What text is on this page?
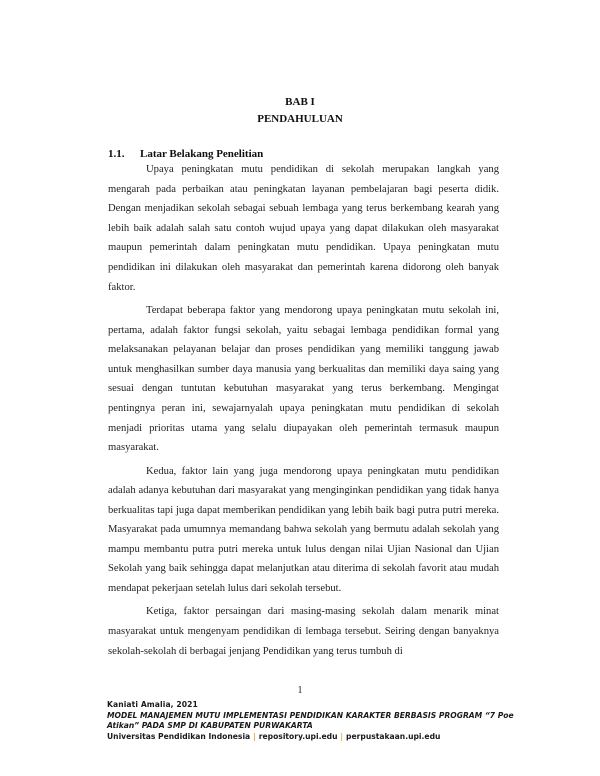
BAB I
PENDAHULUAN
1.1. Latar Belakang Penelitian

Upaya peningkatan mutu pendidikan di sekolah merupakan langkah yang mengarah pada perbaikan atau peningkatan layanan pembelajaran bagi peserta didik. Dengan menjadikan sekolah sebagai sebuah lembaga yang terus berkembang kearah yang lebih baik adalah salah satu contoh wujud upaya yang dapat dilakukan oleh masyarakat maupun pemerintah dalam peningkatan mutu pendidikan. Upaya peningkatan mutu pendidikan ini dilakukan oleh masyarakat dan pemerintah karena didorong oleh banyak faktor.

Terdapat beberapa faktor yang mendorong upaya peningkatan mutu sekolah ini, pertama, adalah faktor fungsi sekolah, yaitu sebagai lembaga pendidikan formal yang melaksanakan pelayanan belajar dan proses pendidikan yang memiliki tanggung jawab untuk menghasilkan sumber daya manusia yang berkualitas dan memiliki daya saing yang sesuai dengan tuntutan kebutuhan masyarakat yang terus berkembang. Mengingat pentingnya peran ini, sewajarnyalah upaya peningkatan mutu pendidikan di sekolah menjadi prioritas utama yang selalu diupayakan oleh pemerintah termasuk maupun masyarakat.

Kedua, faktor lain yang juga mendorong upaya peningkatan mutu pendidikan adalah adanya kebutuhan dari masyarakat yang menginginkan pendidikan yang tidak hanya berkualitas tapi juga dapat memberikan pendidikan yang lebih baik bagi putra putri mereka. Masyarakat pada umumnya memandang bahwa sekolah yang bermutu adalah sekolah yang mampu membantu putra putri mereka untuk lulus dengan nilai Ujian Nasional dan Ujian Sekolah yang baik sehingga dapat melanjutkan atau diterima di sekolah favorit atau mudah mendapat pekerjaan setelah lulus dari sekolah tersebut.

Ketiga, faktor persaingan dari masing-masing sekolah dalam menarik minat masyarakat untuk mengenyam pendidikan di lembaga tersebut. Seiring dengan banyaknya sekolah-sekolah di berbagai jenjang Pendidikan yang terus tumbuh di

1
Kaniati Amalia, 2021
MODEL MANAJEMEN MUTU IMPLEMENTASI PENDIDIKAN KARAKTER BERBASIS PROGRAM “7 Poe
Atikan” PADA SMP DI KABUPATEN PURWAKARTA
Universitas Pendidikan Indonesia | repository.upi.edu | perpustakaan.upi.edu
